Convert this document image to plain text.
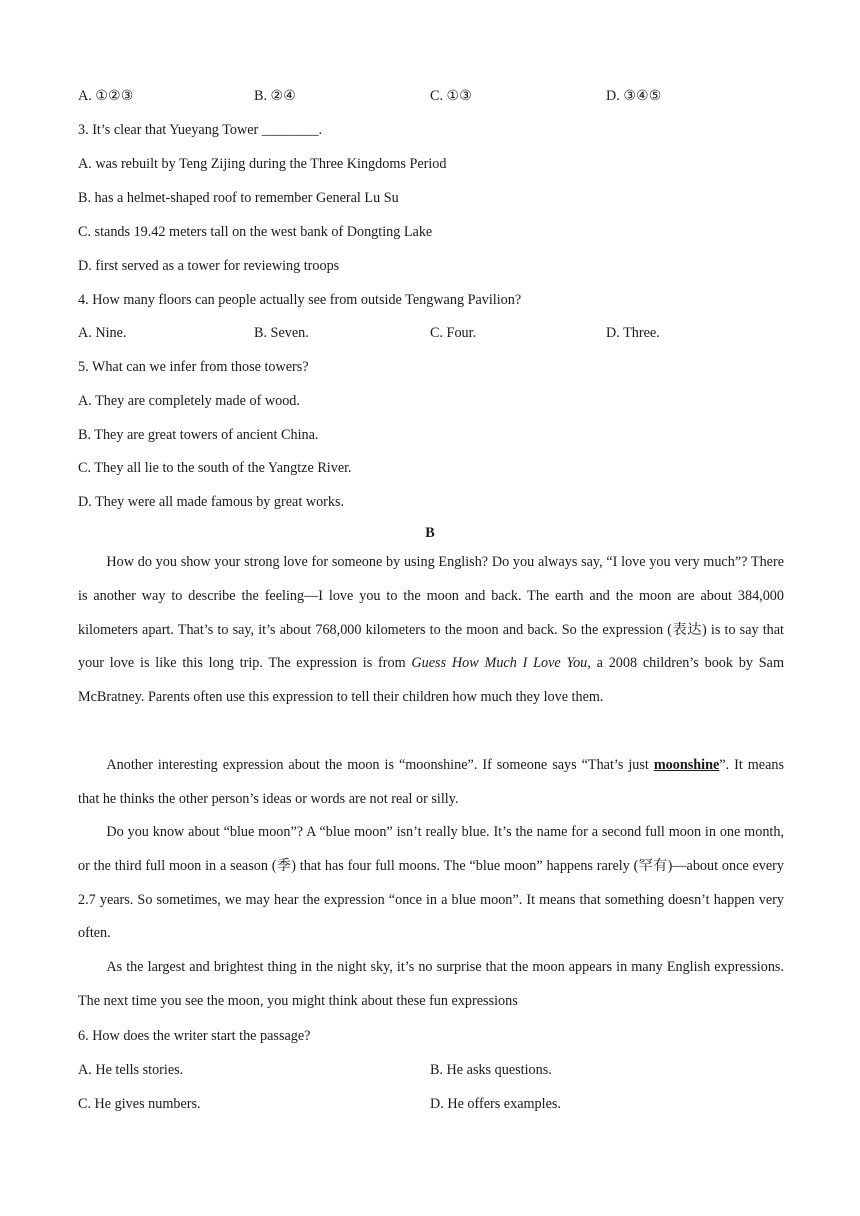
A. ①②③	B. ②④	C. ①③	D. ③④⑤
3. It’s clear that Yueyang Tower ________.
A. was rebuilt by Teng Zijing during the Three Kingdoms Period
B. has a helmet-shaped roof to remember General Lu Su
C. stands 19.42 meters tall on the west bank of Dongting Lake
D. first served as a tower for reviewing troops
4. How many floors can people actually see from outside Tengwang Pavilion?
A. Nine.	B. Seven.	C. Four.	D. Three.
5. What can we infer from those towers?
A. They are completely made of wood.
B. They are great towers of ancient China.
C. They all lie to the south of the Yangtze River.
D. They were all made famous by great works.
B
How do you show your strong love for someone by using English? Do you always say, “I love you very much”? There is another way to describe the feeling—I love you to the moon and back. The earth and the moon are about 384,000 kilometers apart. That’s to say, it’s about 768,000 kilometers to the moon and back. So the expression (表达) is to say that your love is like this long trip. The expression is from Guess How Much I Love You, a 2008 children’s book by Sam McBratney. Parents often use this expression to tell their children how much they love them.
Another interesting expression about the moon is “moonshine”. If someone says “That’s just moonshine”. It means that he thinks the other person’s ideas or words are not real or silly.
Do you know about “blue moon”? A “blue moon” isn’t really blue. It’s the name for a second full moon in one month, or the third full moon in a season (季) that has four full moons. The “blue moon” happens rarely (罕有)—about once every 2.7 years. So sometimes, we may hear the expression “once in a blue moon”. It means that something doesn’t happen very often.
As the largest and brightest thing in the night sky, it’s no surprise that the moon appears in many English expressions. The next time you see the moon, you might think about these fun expressions
6. How does the writer start the passage?
A. He tells stories.	B. He asks questions.
C. He gives numbers.	D. He offers examples.
